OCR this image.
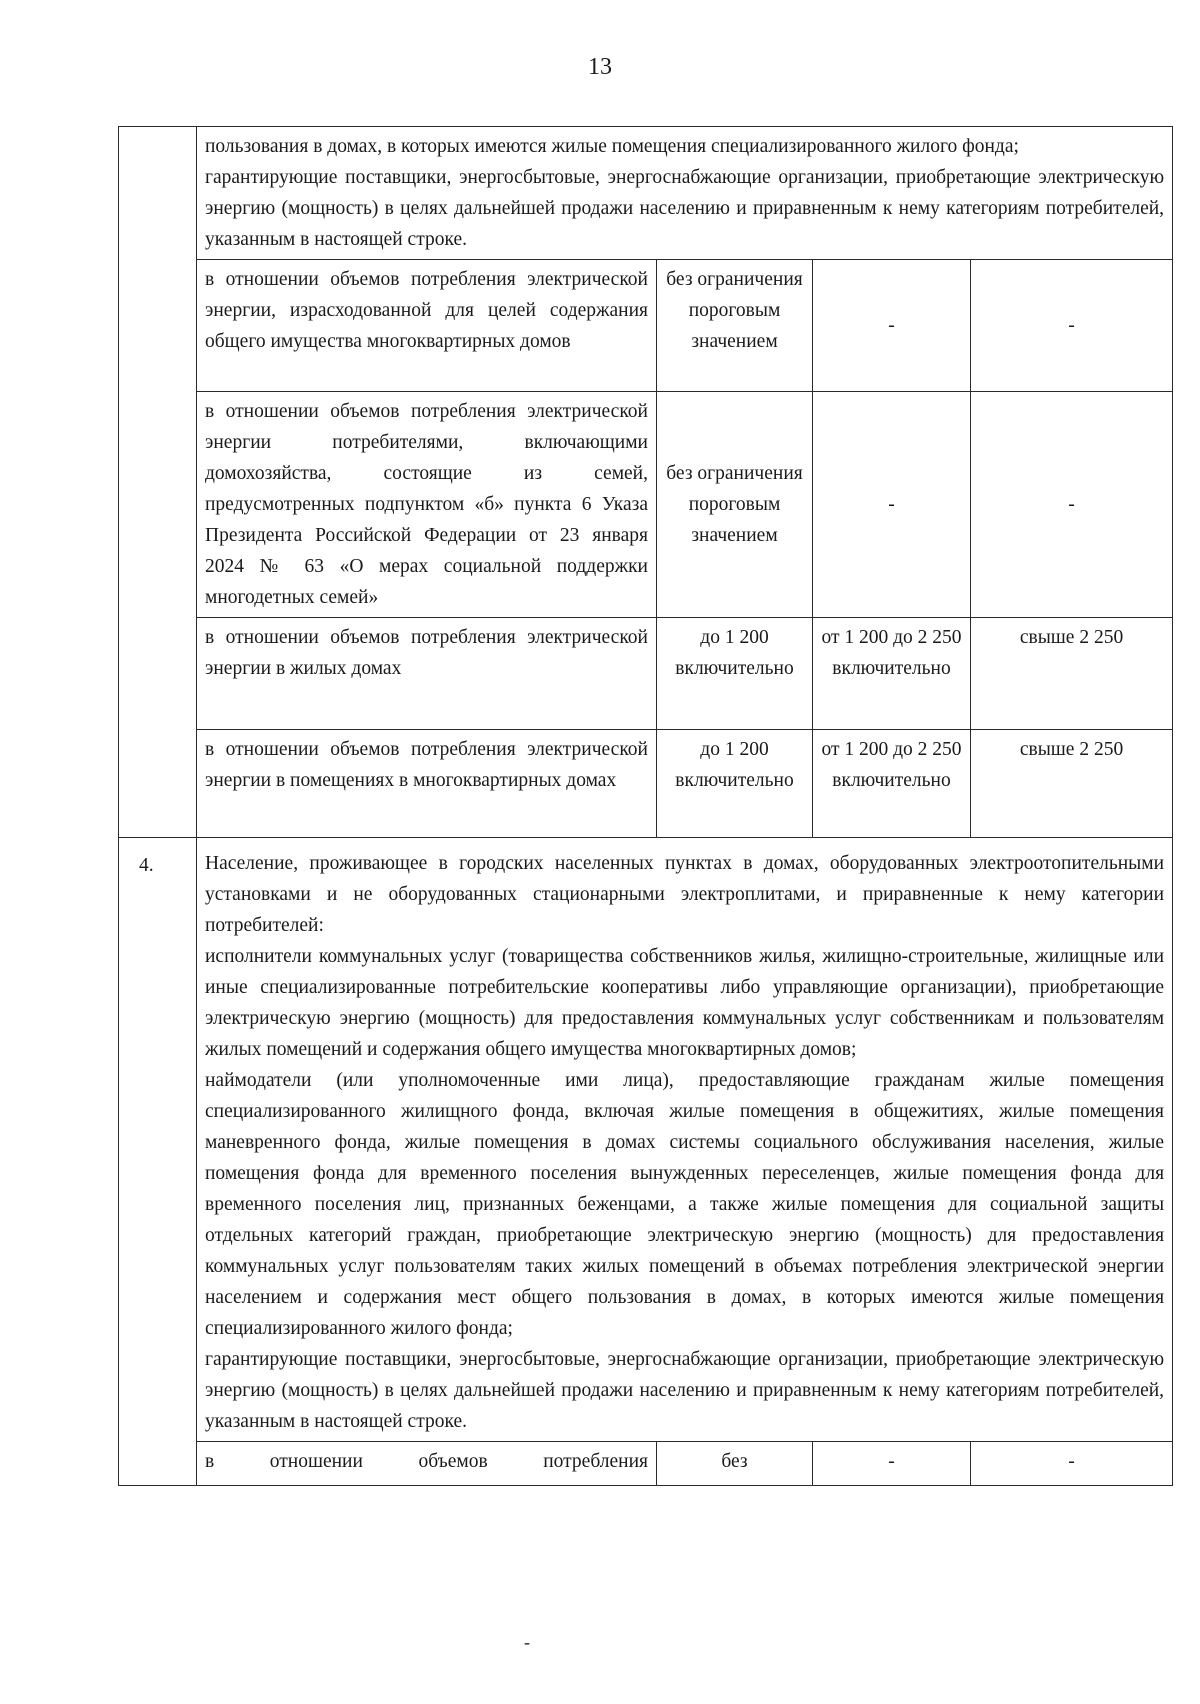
13

	пользования в домах, в которых имеются жилые помещения специализированного жилого фонда;

гарантирующие поставщики, энергосбытовые, энергоснабжающие организации, приобретающие электрическую энергию (мощность) в целях дальнейшей продажи населению и приравненным к нему категориям потребителей, указанным в настоящей строке.			

	в отношении объемов потребления электрической энергии, израсходованной для целей содержания общего имущества многоквартирных домов	без ограничения пороговым значением	-	-
	в отношении объемов потребления электрической энергии потребителями, включающими домохозяйства, состоящие из семей, предусмотренных подпунктом «б» пункта 6 Указа Президента Российской Федерации от 23 января 2024 № 63 «О мерах социальной поддержки многодетных семей»	без ограничения пороговым значением	-	-
	в отношении объемов потребления электрической энергии в жилых домах	до 1 200 включительно	от 1 200 до 2 250 включительно	свыше 2 250
	в отношении объемов потребления электрической энергии в помещениях в многоквартирных домах	до 1 200 включительно	от 1 200 до 2 250 включительно	свыше 2 250
4.	Население, проживающее в городских населенных пунктах в домах, оборудованных электроотопительными установками и не оборудованных стационарными электроплитами, и приравненные к нему категории потребителей:

исполнители коммунальных услуг (товарищества собственников жилья, жилищно-строительные, жилищные или иные специализированные потребительские кооперативы либо управляющие организации), приобретающие электрическую энергию (мощность) для предоставления коммунальных услуг собственникам и пользователям жилых помещений и содержания общего имущества многоквартирных домов;

наймодатели (или уполномоченные ими лица), предоставляющие гражданам жилые помещения специализированного жилищного фонда, включая жилые помещения в общежитиях, жилые помещения маневренного фонда, жилые помещения в домах системы социального обслуживания населения, жилые помещения фонда для временного поселения вынужденных переселенцев, жилые помещения фонда для временного поселения лиц, признанных беженцами, а также жилые помещения для социальной защиты отдельных категорий граждан, приобретающие электрическую энергию (мощность) для предоставления коммунальных услуг пользователям таких жилых помещений в объемах потребления электрической энергии населением и содержания мест общего пользования в домах, в которых имеются жилые помещения специализированного жилого фонда;

гарантирующие поставщики, энергосбытовые, энергоснабжающие организации, приобретающие электрическую энергию (мощность) в целях дальнейшей продажи населению и приравненным к нему категориям потребителей, указанным в настоящей строке.			

	в отношении объемов потребления	без	-	-
-
